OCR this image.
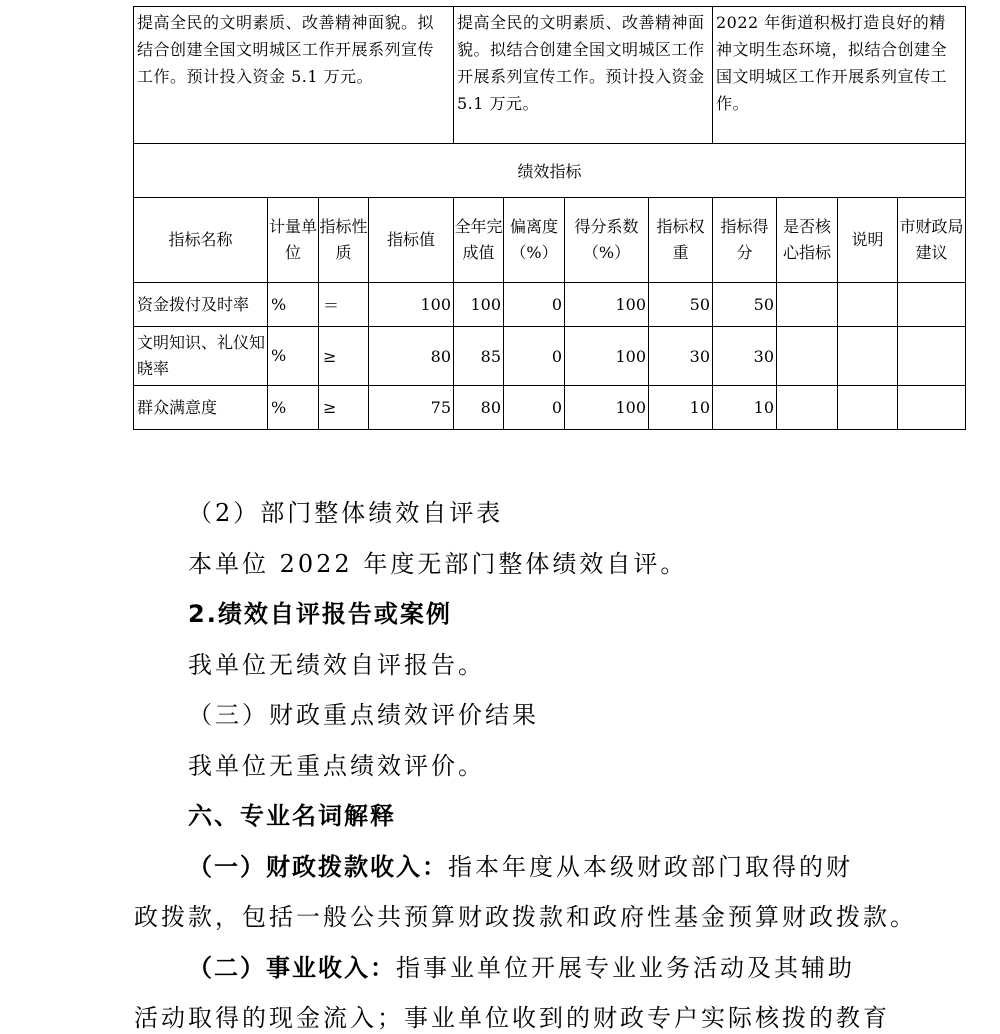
提高全民的文明素质、改善精神面貌。拟结合创建全国文明城区工作开展系列宣传工作。预计投入资金 5.1 万元。				提高全民的文明素质、改善精神面貌。拟结合创建全国文明城区工作开展系列宣传工作。预计投入资金 5.1 万元。				2022 年街道积极打造良好的精神文明生态环境，拟结合创建全国文明城区工作开展系列宣传工作。			

绩效指标											
指标名称	计量单位	指标性质	指标值	全年完成值	偏离度（%）	得分系数（%）	指标权重	指标得分	是否核心指标	说明	市财政局建议
资金拨付及时率	%	＝	100	100	0	100	50	50			
文明知识、礼仪知晓率	%	≥	80	85	0	100	30	30			
群众满意度	%	≥	75	80	0	100	10	10			
（2）部门整体绩效自评表
本单位 2022 年度无部门整体绩效自评。
2.绩效自评报告或案例
我单位无绩效自评报告。
（三）财政重点绩效评价结果
我单位无重点绩效评价。
六、专业名词解释
（一）财政拨款收入：指本年度从本级财政部门取得的财
政拨款，包括一般公共预算财政拨款和政府性基金预算财政拨款。
（二）事业收入：指事业单位开展专业业务活动及其辅助
活动取得的现金流入；事业单位收到的财政专户实际核拨的教育
